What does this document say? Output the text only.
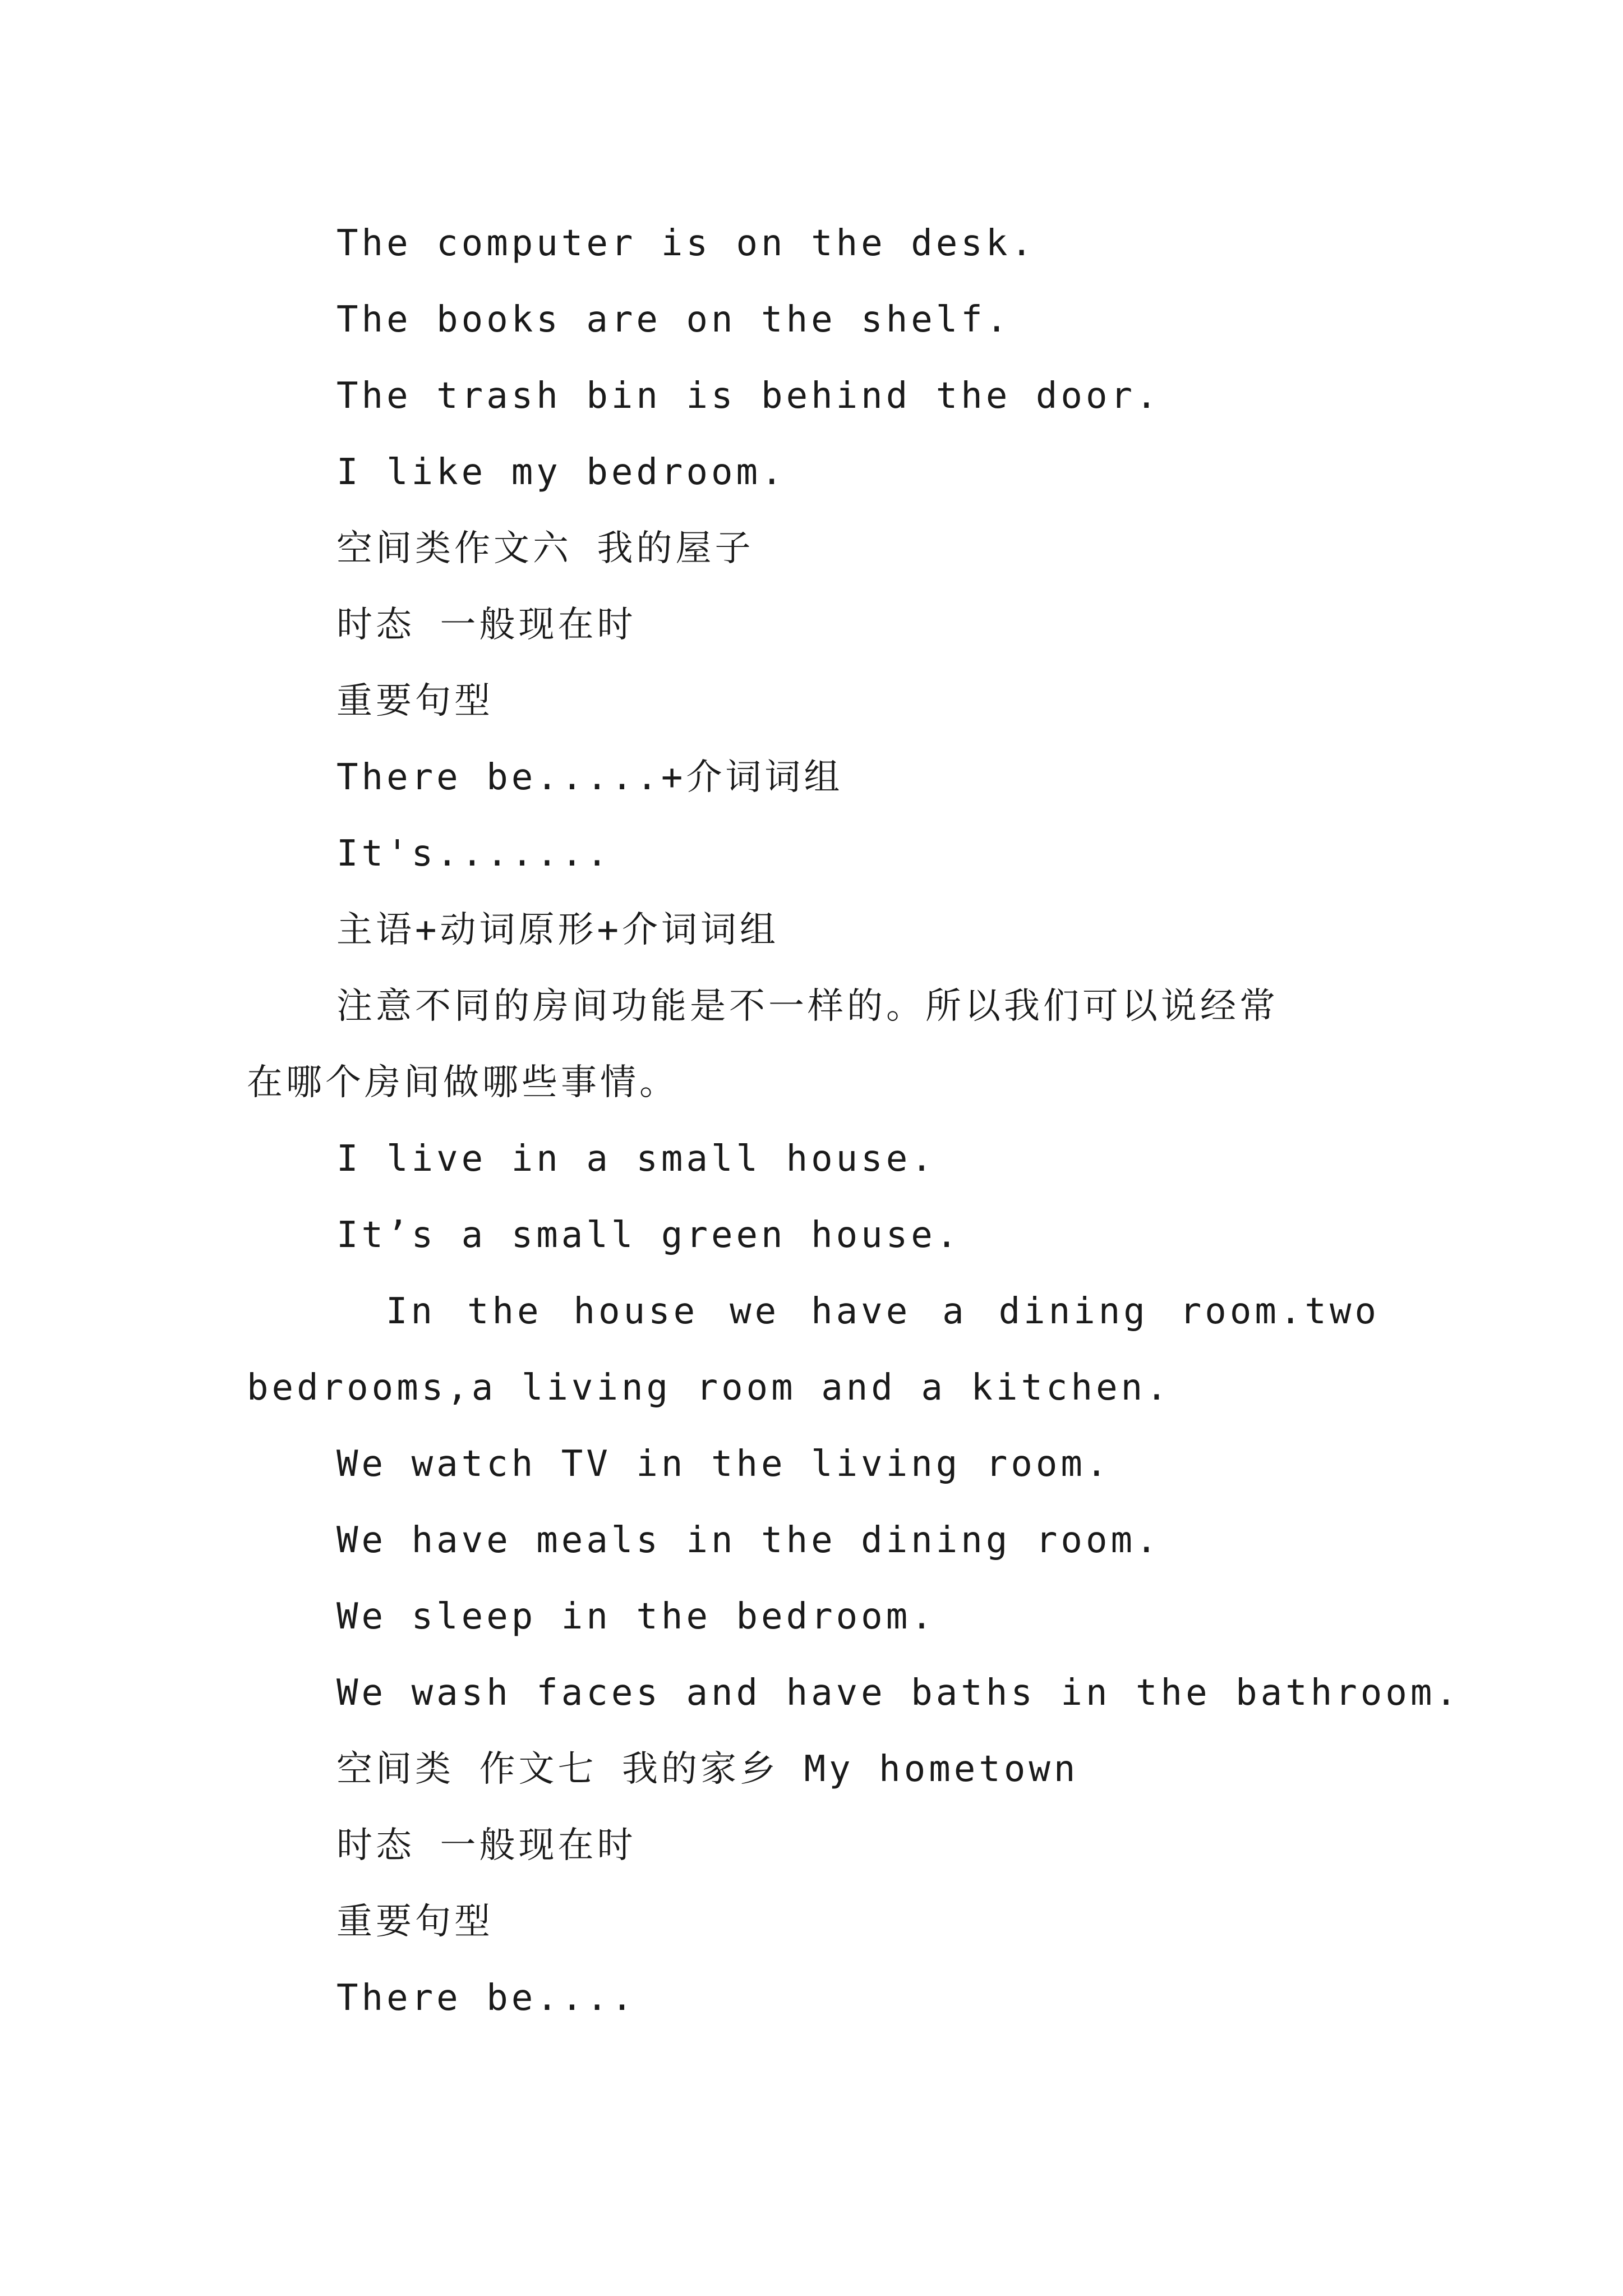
The computer is on the desk.

The books are on the shelf.

The trash bin is behind the door.

I like my bedroom.

空间类作文六 我的屋子

时态 一般现在时

重要句型

There be.....+介词词组

It's.......

主语+动词原形+介词词组

注意不同的房间功能是不一样的。所以我们可以说经常

在哪个房间做哪些事情。

I live in a small house.

It’s a small green house.

In the house we have a dining room.two

bedrooms,a living room and a kitchen.

We watch TV in the living room.

We have meals in the dining room.

We sleep in the bedroom.

We wash faces and have baths in the bathroom.

空间类 作文七 我的家乡 My hometown

时态 一般现在时

重要句型

There be....
